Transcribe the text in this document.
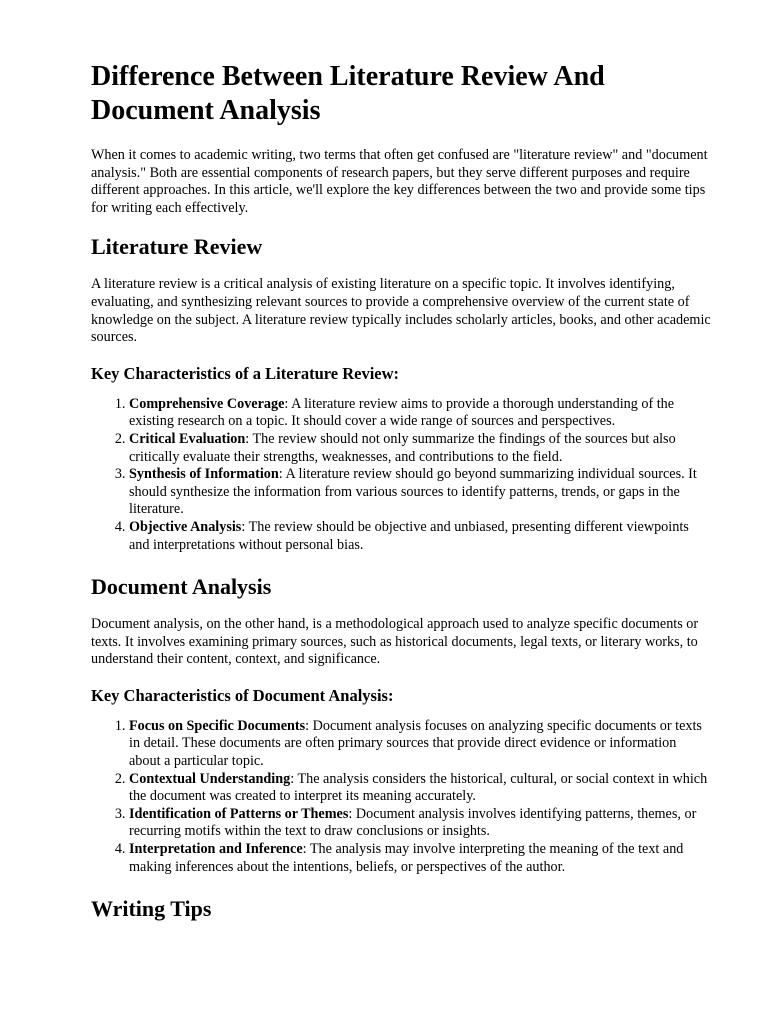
Difference Between Literature Review And Document Analysis

When it comes to academic writing, two terms that often get confused are "literature review" and "document analysis." Both are essential components of research papers, but they serve different purposes and require different approaches. In this article, we'll explore the key differences between the two and provide some tips for writing each effectively.

Literature Review

A literature review is a critical analysis of existing literature on a specific topic. It involves identifying, evaluating, and synthesizing relevant sources to provide a comprehensive overview of the current state of knowledge on the subject. A literature review typically includes scholarly articles, books, and other academic sources.

Key Characteristics of a Literature Review:
1. Comprehensive Coverage: A literature review aims to provide a thorough understanding of the existing research on a topic. It should cover a wide range of sources and perspectives.
2. Critical Evaluation: The review should not only summarize the findings of the sources but also critically evaluate their strengths, weaknesses, and contributions to the field.
3. Synthesis of Information: A literature review should go beyond summarizing individual sources. It should synthesize the information from various sources to identify patterns, trends, or gaps in the literature.
4. Objective Analysis: The review should be objective and unbiased, presenting different viewpoints and interpretations without personal bias.
Document Analysis

Document analysis, on the other hand, is a methodological approach used to analyze specific documents or texts. It involves examining primary sources, such as historical documents, legal texts, or literary works, to understand their content, context, and significance.

Key Characteristics of Document Analysis:
1. Focus on Specific Documents: Document analysis focuses on analyzing specific documents or texts in detail. These documents are often primary sources that provide direct evidence or information about a particular topic.
2. Contextual Understanding: The analysis considers the historical, cultural, or social context in which the document was created to interpret its meaning accurately.
3. Identification of Patterns or Themes: Document analysis involves identifying patterns, themes, or recurring motifs within the text to draw conclusions or insights.
4. Interpretation and Inference: The analysis may involve interpreting the meaning of the text and making inferences about the intentions, beliefs, or perspectives of the author.
Writing Tips
